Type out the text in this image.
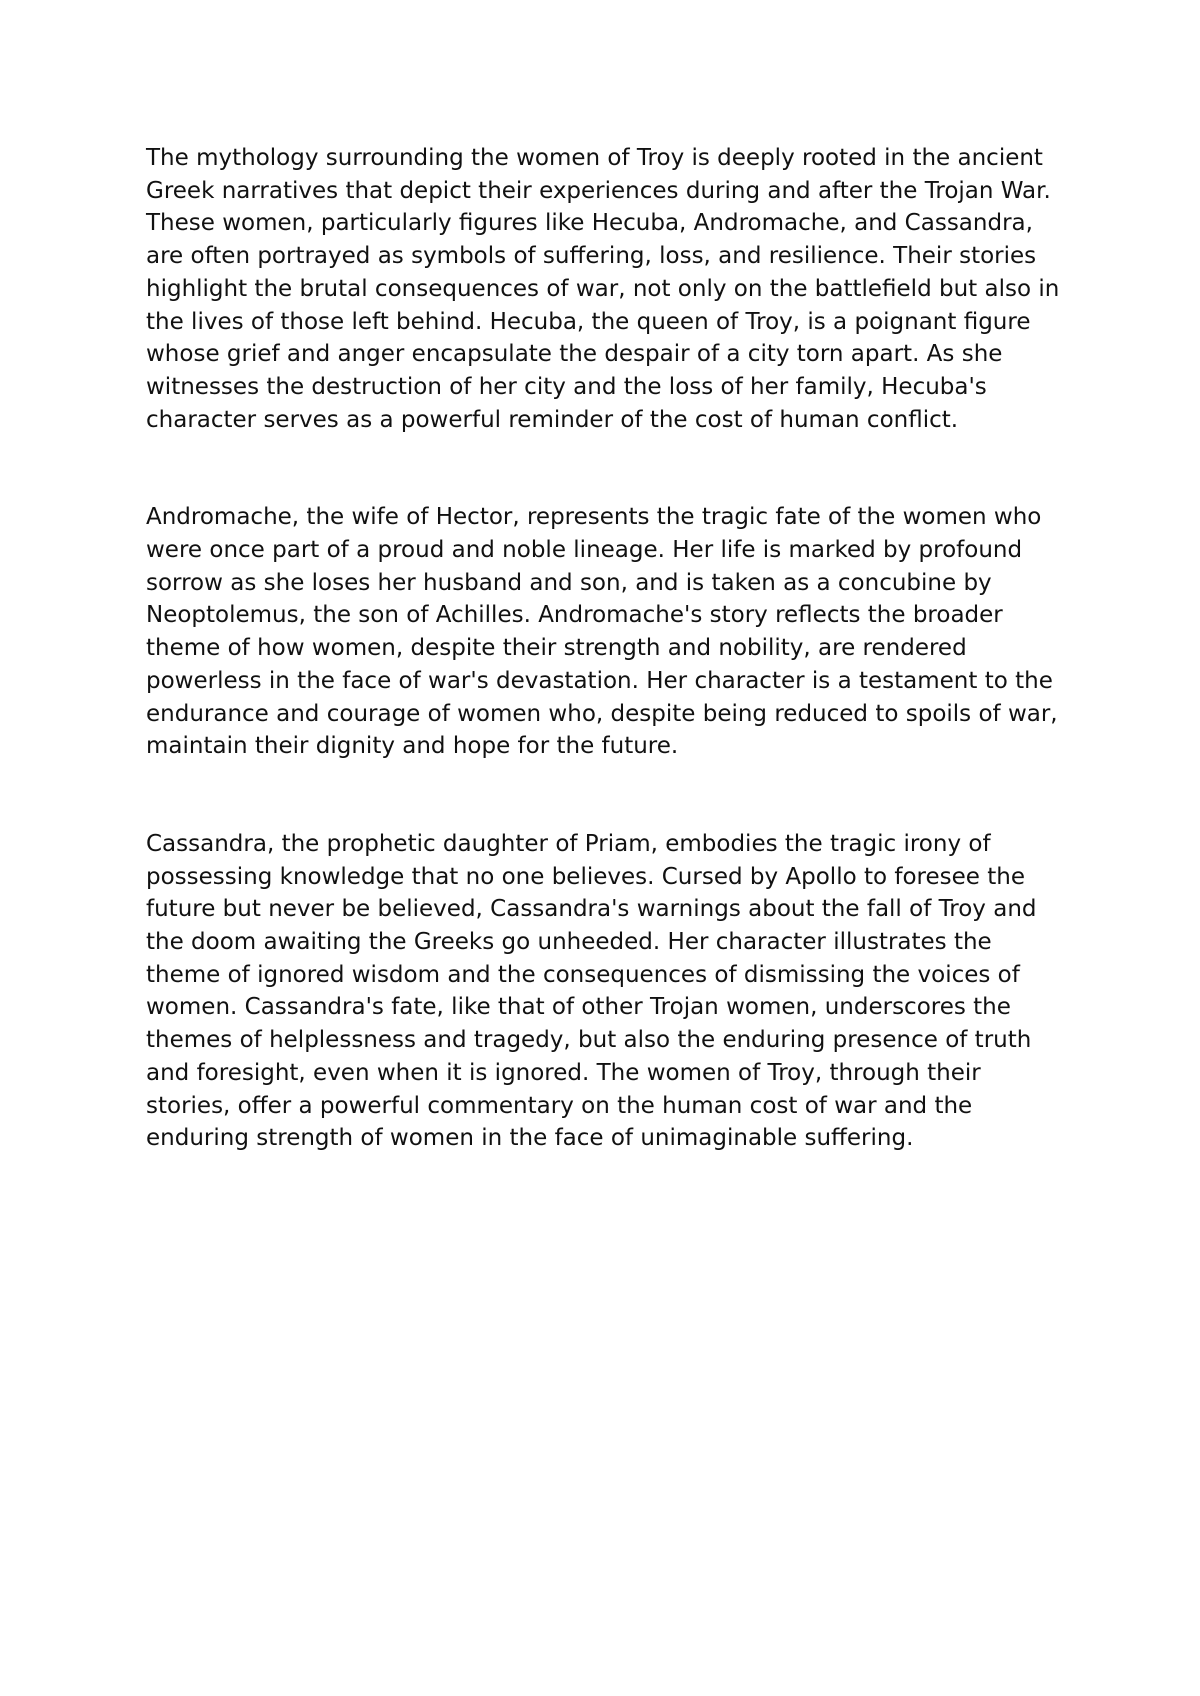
The mythology surrounding the women of Troy is deeply rooted in the ancient Greek narratives that depict their experiences during and after the Trojan War. These women, particularly figures like Hecuba, Andromache, and Cassandra, are often portrayed as symbols of suffering, loss, and resilience. Their stories highlight the brutal consequences of war, not only on the battlefield but also in the lives of those left behind. Hecuba, the queen of Troy, is a poignant figure whose grief and anger encapsulate the despair of a city torn apart. As she witnesses the destruction of her city and the loss of her family, Hecuba's character serves as a powerful reminder of the cost of human conflict.

Andromache, the wife of Hector, represents the tragic fate of the women who were once part of a proud and noble lineage. Her life is marked by profound sorrow as she loses her husband and son, and is taken as a concubine by Neoptolemus, the son of Achilles. Andromache's story reflects the broader theme of how women, despite their strength and nobility, are rendered powerless in the face of war's devastation. Her character is a testament to the endurance and courage of women who, despite being reduced to spoils of war, maintain their dignity and hope for the future.

Cassandra, the prophetic daughter of Priam, embodies the tragic irony of possessing knowledge that no one believes. Cursed by Apollo to foresee the future but never be believed, Cassandra's warnings about the fall of Troy and the doom awaiting the Greeks go unheeded. Her character illustrates the theme of ignored wisdom and the consequences of dismissing the voices of women. Cassandra's fate, like that of other Trojan women, underscores the themes of helplessness and tragedy, but also the enduring presence of truth and foresight, even when it is ignored. The women of Troy, through their stories, offer a powerful commentary on the human cost of war and the enduring strength of women in the face of unimaginable suffering.
